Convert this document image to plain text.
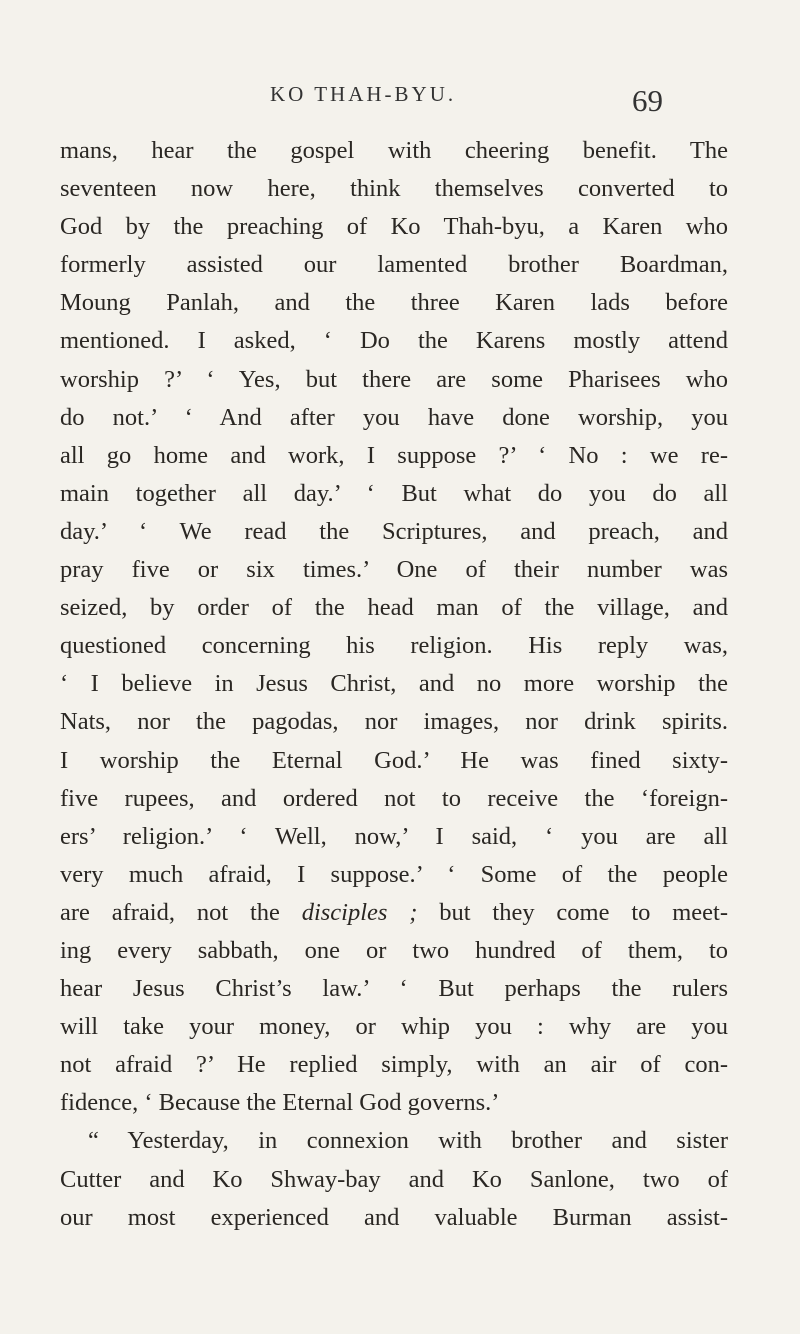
KO THAH-BYU.	69
mans, hear the gospel with cheering benefit. The
seventeen now here, think themselves converted to
God by the preaching of Ko Thah-byu, a Karen who
formerly assisted our lamented brother Boardman,
Moung Panlah, and the three Karen lads before
mentioned. I asked, ‘ Do the Karens mostly attend
worship ?’ ‘ Yes, but there are some Pharisees who
do not.’ ‘ And after you have done worship, you
all go home and work, I suppose ?’ ‘ No : we re-
main together all day.’ ‘ But what do you do all
day.’ ‘ We read the Scriptures, and preach, and
pray five or six times.’ One of their number was
seized, by order of the head man of the village, and
questioned concerning his religion. His reply was,
‘ I believe in Jesus Christ, and no more worship the
Nats, nor the pagodas, nor images, nor drink spirits.
I worship the Eternal God.’ He was fined sixty-
five rupees, and ordered not to receive the ‘foreign-
ers’ religion.’ ‘ Well, now,’ I said, ‘ you are all
very much afraid, I suppose.’ ‘ Some of the people
are afraid, not the disciples ; but they come to meet-
ing every sabbath, one or two hundred of them, to
hear Jesus Christ’s law.’ ‘ But perhaps the rulers
will take your money, or whip you : why are you
not afraid ?’ He replied simply, with an air of con-
fidence, ‘ Because the Eternal God governs.’
“ Yesterday, in connexion with brother and sister
Cutter and Ko Shway-bay and Ko Sanlone, two of
our most experienced and valuable Burman assist-
